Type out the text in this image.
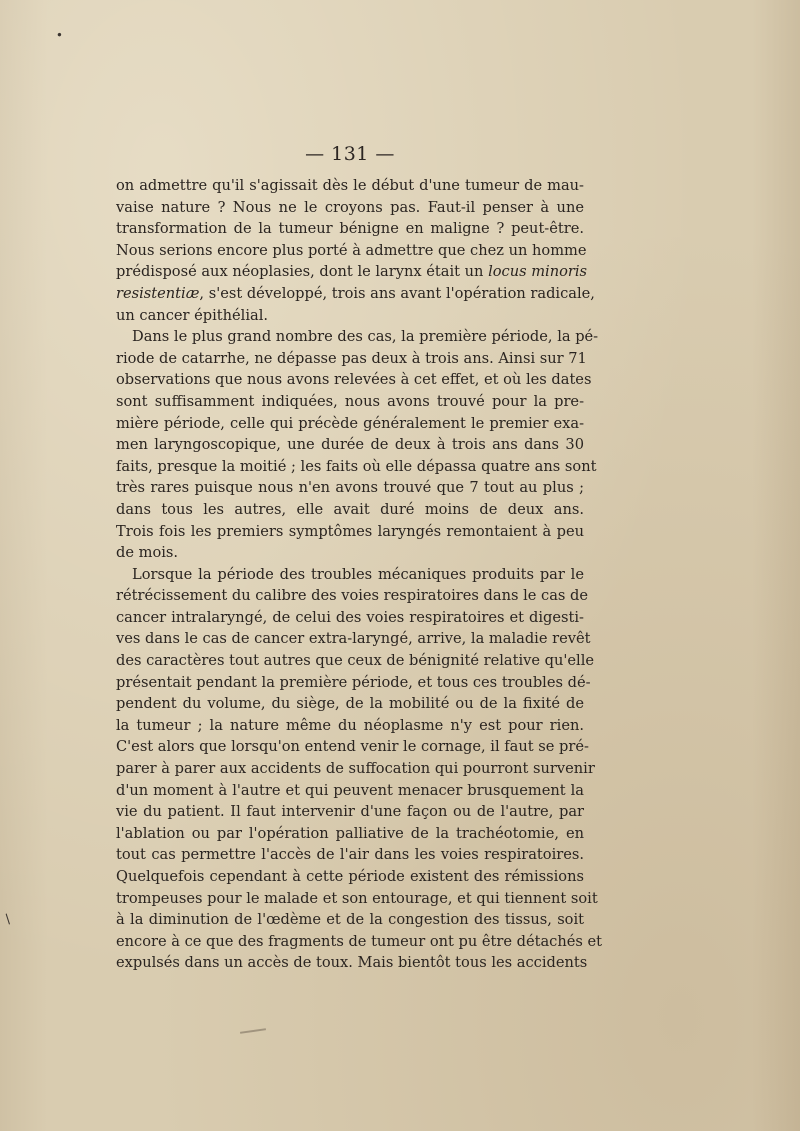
•
/
— 131 —
on admettre qu'il s'agissait dès le début d'une tumeur de mau-
vaise nature ? Nous ne le croyons pas. Faut-il penser à une
transformation de la tumeur bénigne en maligne ? peut-être.
Nous serions encore plus porté à admettre que chez un homme
prédisposé aux néoplasies, dont le larynx était un locus minoris
resistentiæ, s'est développé, trois ans avant l'opération radicale,
un cancer épithélial.
Dans le plus grand nombre des cas, la première période, la pé-
riode de catarrhe, ne dépasse pas deux à trois ans. Ainsi sur 71
observations que nous avons relevées à cet effet, et où les dates
sont suffisamment indiquées, nous avons trouvé pour la pre-
mière période, celle qui précède généralement le premier exa-
men laryngoscopique, une durée de deux à trois ans dans 30
faits, presque la moitié ; les faits où elle dépassa quatre ans sont
très rares puisque nous n'en avons trouvé que 7 tout au plus ;
dans tous les autres, elle avait duré moins de deux ans.
Trois fois les premiers symptômes laryngés remontaient à peu
de mois.
Lorsque la période des troubles mécaniques produits par le
rétrécissement du calibre des voies respiratoires dans le cas de
cancer intralaryngé, de celui des voies respiratoires et digesti-
ves dans le cas de cancer extra-laryngé, arrive, la maladie revêt
des caractères tout autres que ceux de bénignité relative qu'elle
présentait pendant la première période, et tous ces troubles dé-
pendent du volume, du siège, de la mobilité ou de la fixité de
la tumeur ; la nature même du néoplasme n'y est pour rien.
C'est alors que lorsqu'on entend venir le cornage, il faut se pré-
parer à parer aux accidents de suffocation qui pourront survenir
d'un moment à l'autre et qui peuvent menacer brusquement la
vie du patient. Il faut intervenir d'une façon ou de l'autre, par
l'ablation ou par l'opération palliative de la trachéotomie, en
tout cas permettre l'accès de l'air dans les voies respiratoires.
Quelquefois cependant à cette période existent des rémissions
trompeuses pour le malade et son entourage, et qui tiennent soit
à la diminution de l'œdème et de la congestion des tissus, soit
encore à ce que des fragments de tumeur ont pu être détachés et
expulsés dans un accès de toux. Mais bientôt tous les accidents
